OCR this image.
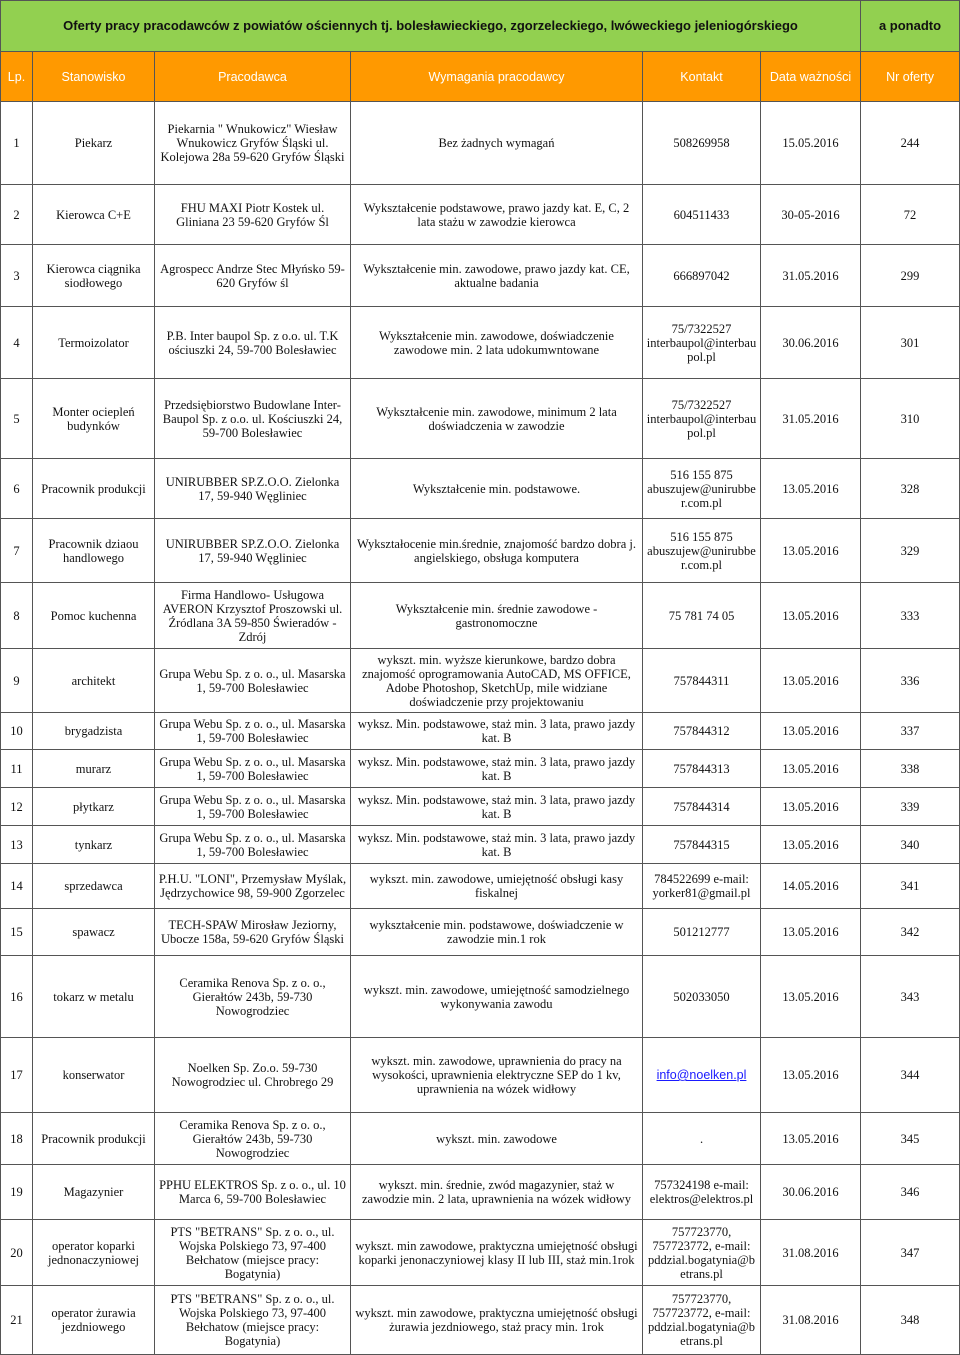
Oferty pracy pracodawców z powiatów ościennych tj. bolesławieckiego, zgorzeleckiego, lwóweckiego jeleniogórskiego						a ponadto
Lp.	Stanowisko	Pracodawca	Wymagania pracodawcy	Kontakt	Data ważności	Nr oferty
1	Piekarz	Piekarnia " Wnukowicz" Wiesław Wnukowicz Gryfów Śląski ul. Kolejowa 28a 59-620 Gryfów Śląski	Bez żadnych wymagań	508269958	15.05.2016	244
2	Kierowca C+E	FHU MAXI Piotr Kostek ul. Gliniana 23 59-620 Gryfów Śl	Wykształcenie podstawowe, prawo jazdy kat. E, C, 2 lata stażu w zawodzie kierowca	604511433	30-05-2016	72
3	Kierowca ciągnika siodłowego	Agrospecc Andrze Stec Młyńsko 59-620 Gryfów śl	Wykształcenie min. zawodowe, prawo jazdy kat. CE, aktualne badania	666897042	31.05.2016	299
4	Termoizolator	P.B. Inter baupol Sp. z o.o. ul. T.K ościuszki 24, 59-700 Bolesławiec	Wykształcenie min. zawodowe, doświadczenie zawodowe min. 2 lata udokumwntowane	75/7322527 interbaupol@interbau pol.pl	30.06.2016	301
5	Monter ociepleń budynków	Przedsiębiorstwo Budowlane Inter-Baupol Sp. z o.o. ul. Kościuszki 24, 59-700 Bolesławiec	Wykształcenie min. zawodowe, minimum 2 lata doświadczenia w zawodzie	75/7322527 interbaupol@interbau pol.pl	31.05.2016	310
6	Pracownik produkcji	UNIRUBBER SP.Z.O.O. Zielonka 17, 59-940 Węgliniec	Wykształcenie min. podstawowe.	516 155 875 abuszujew@unirubbe r.com.pl	13.05.2016	328
7	Pracownik dziaou handlowego	UNIRUBBER SP.Z.O.O. Zielonka 17, 59-940 Węgliniec	Wykształocenie min.średnie, znajomość bardzo dobra j. angielskiego, obsługa komputera	516 155 875 abuszujew@unirubbe r.com.pl	13.05.2016	329
8	Pomoc kuchenna	Firma Handlowo- Usługowa AVERON Krzysztof Proszowski ul. Źródlana 3A 59-850 Świeradów - Zdrój	Wykształcenie min. średnie zawodowe - gastronomoczne	75 781 74 05	13.05.2016	333
9	architekt	Grupa Webu Sp. z o. o., ul. Masarska 1, 59-700 Bolesławiec	wykszt. min. wyższe kierunkowe, bardzo dobra znajomość oprogramowania AutoCAD, MS OFFICE, Adobe Photoshop, SketchUp, mile widziane doświadczenie przy projektowaniu	757844311	13.05.2016	336
10	brygadzista	Grupa Webu Sp. z o. o., ul. Masarska 1, 59-700 Bolesławiec	wyksz. Min. podstawowe, staż min. 3 lata, prawo jazdy kat. B	757844312	13.05.2016	337
11	murarz	Grupa Webu Sp. z o. o., ul. Masarska 1, 59-700 Bolesławiec	wyksz. Min. podstawowe, staż min. 3 lata, prawo jazdy kat. B	757844313	13.05.2016	338
12	płytkarz	Grupa Webu Sp. z o. o., ul. Masarska 1, 59-700 Bolesławiec	wyksz. Min. podstawowe, staż min. 3 lata, prawo jazdy kat. B	757844314	13.05.2016	339
13	tynkarz	Grupa Webu Sp. z o. o., ul. Masarska 1, 59-700 Bolesławiec	wyksz. Min. podstawowe, staż min. 3 lata, prawo jazdy kat. B	757844315	13.05.2016	340
14	sprzedawca	P.H.U. "LONI", Przemysław Myślak, Jędrzychowice 98, 59-900 Zgorzelec	wykszt. min. zawodowe, umiejętność obsługi kasy fiskalnej	784522699 e-mail: yorker81@gmail.pl	14.05.2016	341
15	spawacz	TECH-SPAW Mirosław Jeziorny, Ubocze 158a, 59-620 Gryfów Śląski	wykształcenie min. podstawowe, doświadczenie w zawodzie min.1 rok	501212777	13.05.2016	342
16	tokarz w metalu	Ceramika Renova Sp. z o. o., Gierałtów 243b, 59-730 Nowogrodziec	wykszt. min. zawodowe, umiejętność samodzielnego wykonywania zawodu	502033050	13.05.2016	343
17	konserwator	Noelken Sp. Zo.o. 59-730 Nowogrodziec ul. Chrobrego 29	wykszt. min. zawodowe, uprawnienia do pracy na wysokości, uprawnienia elektryczne SEP do 1 kv, uprawnienia na wózek widłowy	info@noelken.pl	13.05.2016	344
18	Pracownik produkcji	Ceramika Renova Sp. z o. o., Gierałtów 243b, 59-730 Nowogrodziec	wykszt. min. zawodowe	.	13.05.2016	345
19	Magazynier	PPHU ELEKTROS Sp. z o. o., ul. 10 Marca 6, 59-700 Bolesławiec	wykszt. min. średnie, zwód magazynier, staż w zawodzie min. 2 lata, uprawnienia na wózek widłowy	757324198 e-mail: elektros@elektros.pl	30.06.2016	346
20	operator koparki jednonaczyniowej	PTS "BETRANS" Sp. z o. o., ul. Wojska Polskiego 73, 97-400 Bełchatow (miejsce pracy: Bogatynia)	wykszt. min zawodowe, praktyczna umiejętność obsługi koparki jenonaczyniowej klasy II lub III, staż min.1rok	757723770, 757723772, e-mail: pddzial.bogatynia@b etrans.pl	31.08.2016	347
21	operator żurawia jezdniowego	PTS "BETRANS" Sp. z o. o., ul. Wojska Polskiego 73, 97-400 Bełchatow (miejsce pracy: Bogatynia)	wykszt. min zawodowe, praktyczna umiejętność obsługi żurawia jezdniowego, staż pracy min. 1rok	757723770, 757723772, e-mail: pddzial.bogatynia@b etrans.pl	31.08.2016	348
